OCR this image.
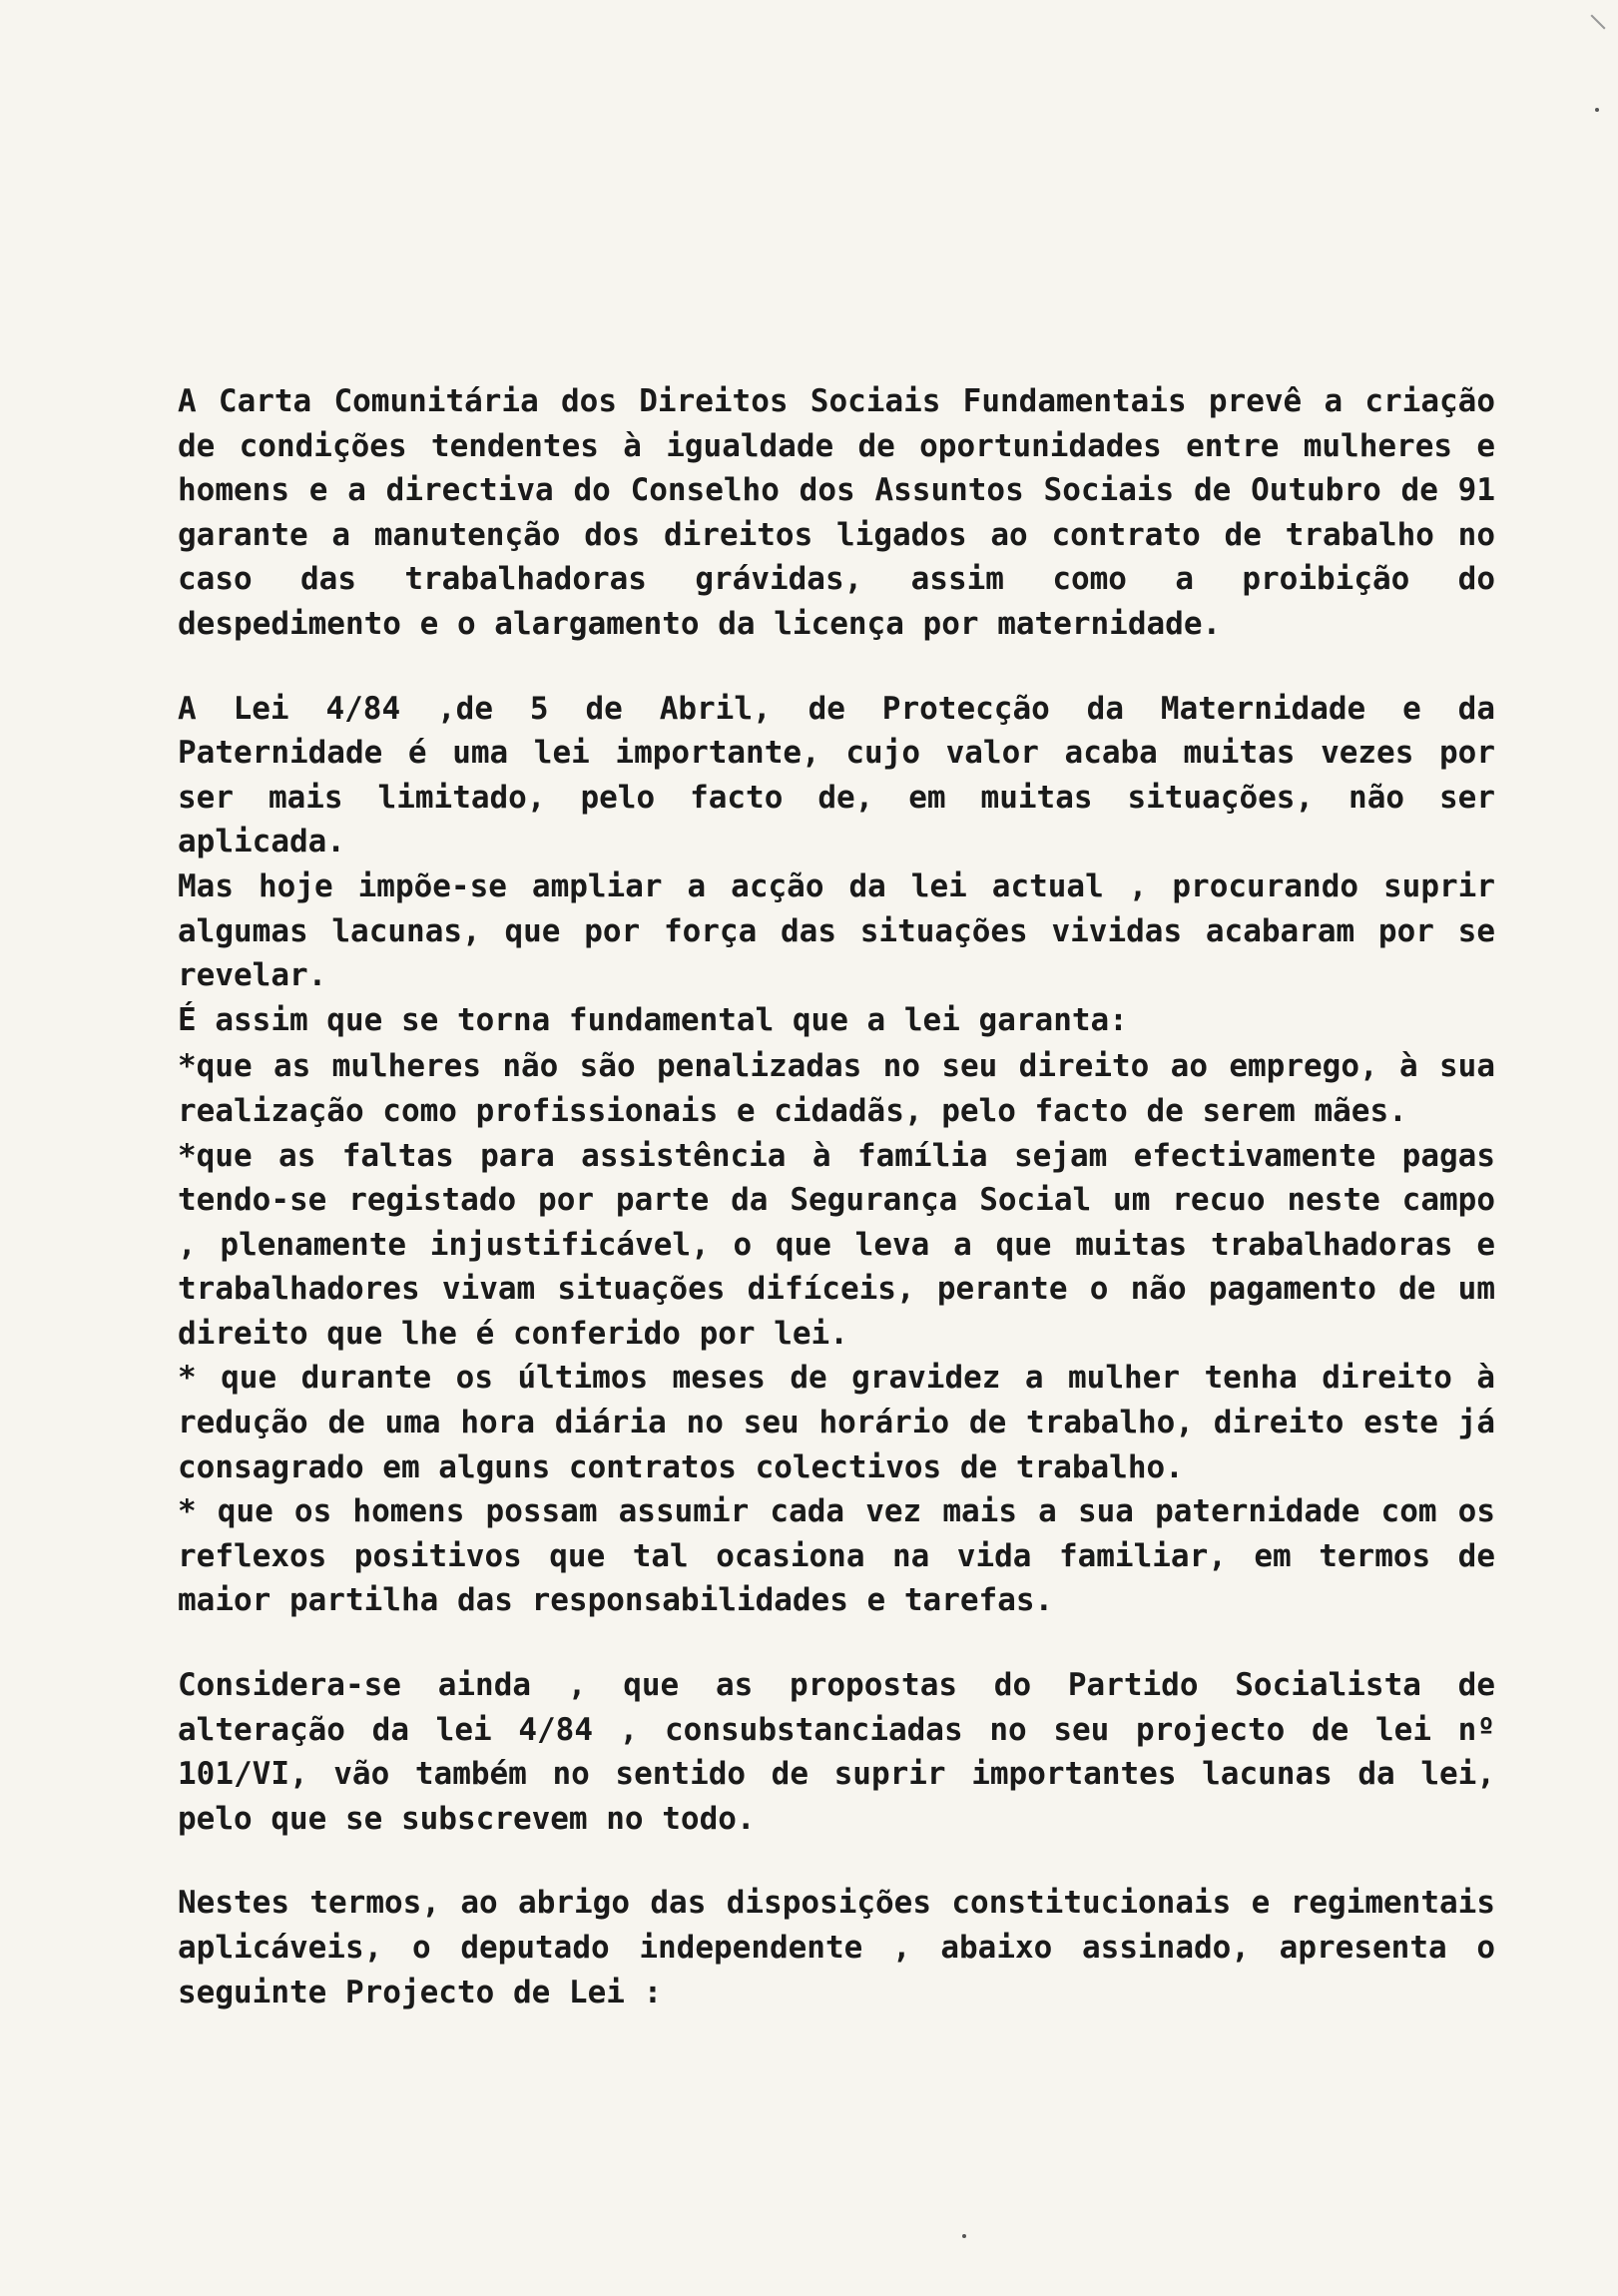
⸌

A Carta Comunitária dos Direitos Sociais Fundamentais prevê a criação de condições tendentes à igualdade de oportunidades entre mulheres e homens e a directiva do Conselho dos Assuntos Sociais de Outubro de 91 garante a manutenção dos direitos ligados ao contrato de trabalho no caso das trabalhadoras grávidas, assim como a proibição do despedimento e o alargamento da licença por maternidade.

A Lei 4/84 ,de 5 de Abril, de Protecção da Maternidade e da Paternidade é uma lei importante, cujo valor acaba muitas vezes por ser mais limitado, pelo facto de, em muitas situações, não ser aplicada.

Mas hoje impõe-se ampliar a acção da lei actual , procurando suprir algumas lacunas, que por força das situações vividas acabaram por se revelar.

É assim que se torna fundamental que a lei garanta:

*que as mulheres não são penalizadas no seu direito ao emprego, à sua realização como profissionais e cidadãs, pelo facto de serem mães.

*que as faltas para assistência à família sejam efectivamente pagas tendo-se registado por parte da Segurança Social um recuo neste campo , plenamente injustificável, o que leva a que muitas trabalhadoras e trabalhadores vivam situações difíceis, perante o não pagamento de um direito que lhe é conferido por lei.

* que durante os últimos meses de gravidez a mulher tenha direito à redução de uma hora diária no seu horário de trabalho, direito este já consagrado em alguns contratos colectivos de trabalho.

* que os homens possam assumir cada vez mais a sua paternidade com os reflexos positivos que tal ocasiona na vida familiar, em termos de maior partilha das responsabilidades e tarefas.

Considera-se ainda , que as propostas do Partido Socialista de alteração da lei 4/84 , consubstanciadas no seu projecto de lei nº 101/VI, vão também no sentido de suprir importantes lacunas da lei, pelo que se subscrevem no todo.

Nestes termos, ao abrigo das disposições constitucionais e regimentais aplicáveis, o deputado independente , abaixo assinado, apresenta o seguinte Projecto de Lei :
